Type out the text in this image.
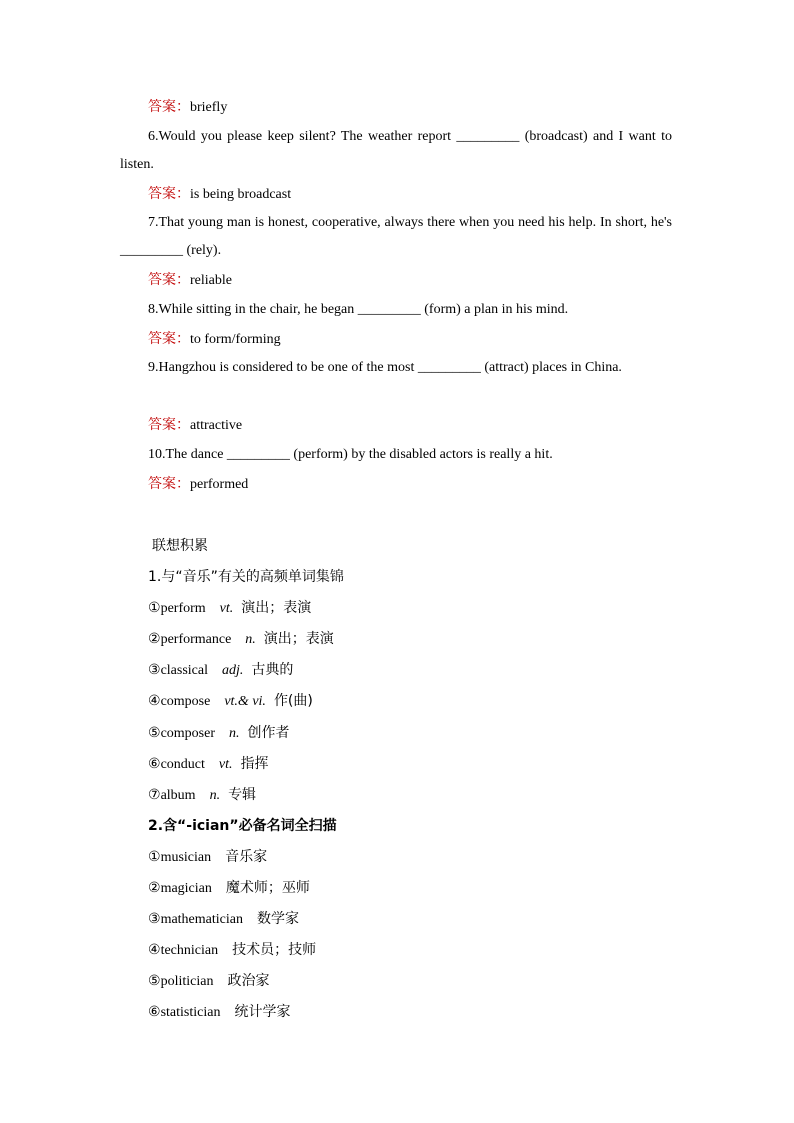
答案：briefly
6.Would you please keep silent? The weather report _________ (broadcast) and I want to listen.
答案：is being broadcast
7.That young man is honest, cooperative, always there when you need his help. In short, he's _________ (rely).
答案：reliable
8.While sitting in the chair, he began _________ (form) a plan in his mind.
答案：to form/forming
9.Hangzhou is considered to be one of the most _________ (attract) places in China.
答案：attractive
10.The dance _________ (perform) by the disabled actors is really a hit.
答案：performed
联想积累
1.与“音乐”有关的高频单词集锦
①perform vt. 演出；表演
②performance n. 演出；表演
③classical adj. 古典的
④compose vt.& vi. 作(曲)
⑤composer n. 创作者
⑥conduct vt. 指挥
⑦album n. 专辑
2.含“-ician”必备名词全扫描
①musician 音乐家
②magician 魔术师；巫师
③mathematician 数学家
④technician 技术员；技师
⑤politician 政治家
⑥statistician 统计学家
